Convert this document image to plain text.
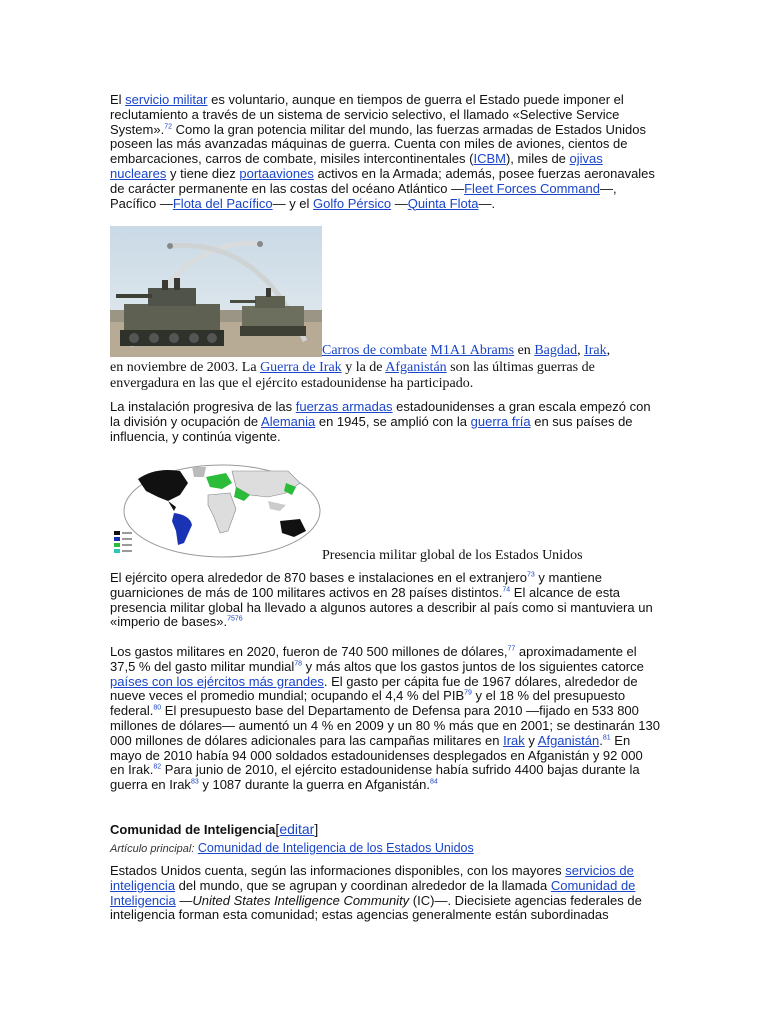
El servicio militar es voluntario, aunque en tiempos de guerra el Estado puede imponer el reclutamiento a través de un sistema de servicio selectivo, el llamado «Selective Service System».$^{72}$ Como la gran potencia militar del mundo, las fuerzas armadas de Estados Unidos poseen las más avanzadas máquinas de guerra. Cuenta con miles de aviones, cientos de embarcaciones, carros de combate, misiles intercontinentales (ICBM), miles de ojivas nucleares y tiene diez portaaviones activos en la Armada; además, posee fuerzas aeronavales de carácter permanente en las costas del océano Atlántico —Fleet Forces Command—, Pacífico —Flota del Pacífico— y el Golfo Pérsico —Quinta Flota—.

Carros de combate M1A1 Abrams en Bagdad, Irak,
en noviembre de 2003. La Guerra de Irak y la de Afganistán son las últimas guerras de envergadura en las que el ejército estadounidense ha participado.

La instalación progresiva de las fuerzas armadas estadounidenses a gran escala empezó con la división y ocupación de Alemania en 1945, se amplió con la guerra fría en sus países de influencia, y continúa vigente.

Presencia militar global de los Estados Unidos

El ejército opera alrededor de 870 bases e instalaciones en el extranjero$^{73}$ y mantiene guarniciones de más de 100 militares activos en 28 países distintos.$^{74}$ El alcance de esta presencia militar global ha llevado a algunos autores a describir al país como si mantuviera un «imperio de bases».$^{7576}$

Los gastos militares en 2020, fueron de 740 500 millones de dólares,$^{77}$ aproximadamente el 37,5 % del gasto militar mundial$^{78}$ y más altos que los gastos juntos de los siguientes catorce países con los ejércitos más grandes. El gasto per cápita fue de 1967 dólares, alrededor de nueve veces el promedio mundial; ocupando el 4,4 % del PIB$^{79}$ y el 18 % del presupuesto federal.$^{80}$ El presupuesto base del Departamento de Defensa para 2010 —fijado en 533 800 millones de dólares— aumentó un 4 % en 2009 y un 80 % más que en 2001; se destinarán 130 000 millones de dólares adicionales para las campañas militares en Irak y Afganistán.$^{81}$ En mayo de 2010 había 94 000 soldados estadounidenses desplegados en Afganistán y 92 000 en Irak.$^{82}$ Para junio de 2010, el ejército estadounidense había sufrido 4400 bajas durante la guerra en Irak$^{83}$ y 1087 durante la guerra en Afganistán.$^{84}$

Comunidad de Inteligencia[editar]
Artículo principal: Comunidad de Inteligencia de los Estados Unidos

Estados Unidos cuenta, según las informaciones disponibles, con los mayores servicios de inteligencia del mundo, que se agrupan y coordinan alrededor de la llamada Comunidad de Inteligencia —United States Intelligence Community (IC)—. Diecisiete agencias federales de inteligencia forman esta comunidad; estas agencias generalmente están subordinadas
